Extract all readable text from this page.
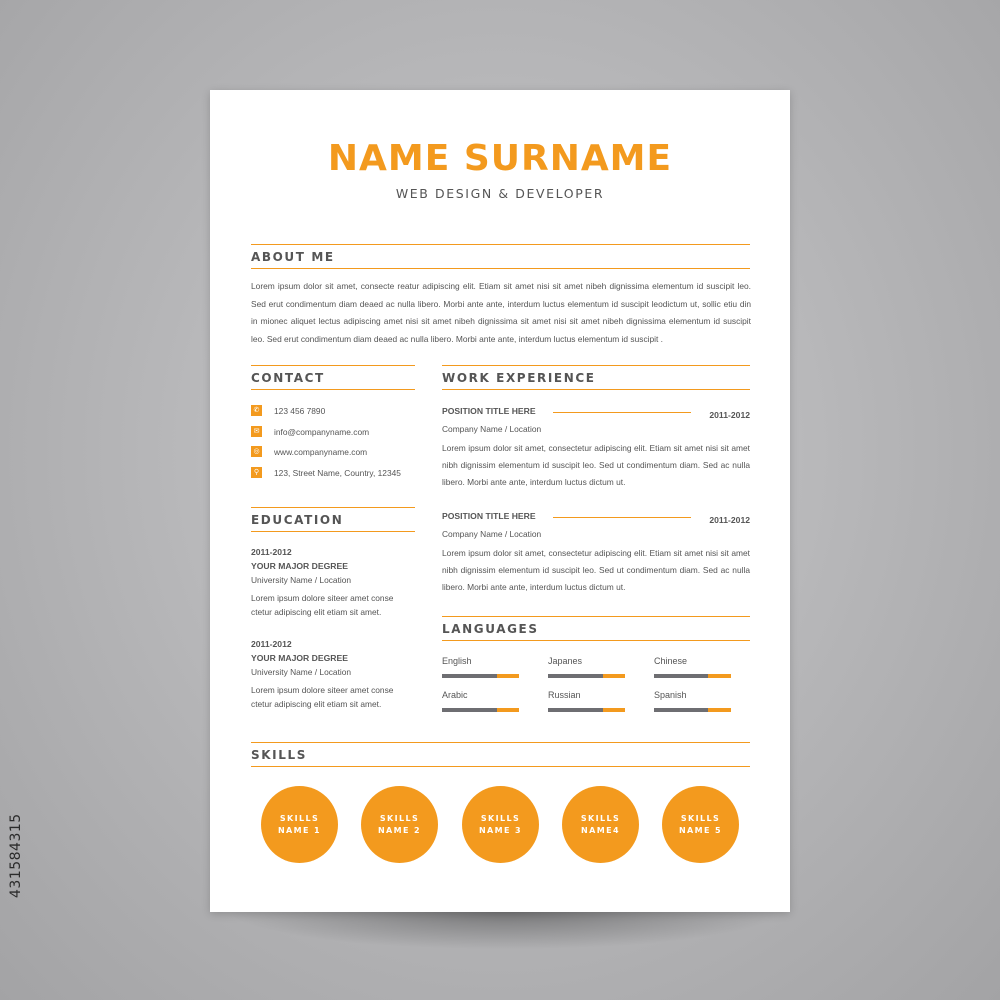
431584315
NAME SURNAME
WEB DESIGN & DEVELOPER
ABOUT ME
Lorem ipsum dolor sit amet, consecte reatur adipiscing elit. Etiam sit amet nisi sit amet nibeh dignissima elementum id suscipit leo. Sed erut condimentum diam deaed ac nulla libero. Morbi ante ante, interdum luctus elementum id suscipit leodictum ut, sollic etiu din in mionec aliquet lectus adipiscing amet nisi sit amet nibeh dignissima sit amet nisi sit amet nibeh dignissima elementum id suscipit leo. Sed erut condimentum diam deaed ac nulla libero. Morbi ante ante, interdum luctus elementum id suscipit .
CONTACT
✆	123 456 7890
✉	info@companyname.com
◎ www.companyname.com
⚲	123, Street Name, Country, 12345
EDUCATION
2011-2012
YOUR MAJOR DEGREE
University Name / Location
Lorem ipsum dolore siteer amet conse ctetur adipiscing elit etiam sit amet.
2011-2012
YOUR MAJOR DEGREE
University Name / Location
Lorem ipsum dolore siteer amet conse ctetur adipiscing elit etiam sit amet.
WORK EXPERIENCE
POSITION TITLE HERE	2011-2012
Company Name / Location
Lorem ipsum dolor sit amet, consectetur adipiscing elit. Etiam sit amet nisi sit amet nibh dignissim elementum id suscipit leo. Sed ut condimentum diam. Sed ac nulla libero. Morbi ante ante, interdum luctus dictum ut.
POSITION TITLE HERE	2011-2012
Company Name / Location
Lorem ipsum dolor sit amet, consectetur adipiscing elit. Etiam sit amet nisi sit amet nibh dignissim elementum id suscipit leo. Sed ut condimentum diam. Sed ac nulla libero. Morbi ante ante, interdum luctus dictum ut.
LANGUAGES
English	Japanes	Chinese
Arabic	Russian	Spanish
SKILLS
SKILLS
NAME 1
SKILLS
NAME 2
SKILLS
NAME 3
SKILLS
NAME4
SKILLS
NAME 5
